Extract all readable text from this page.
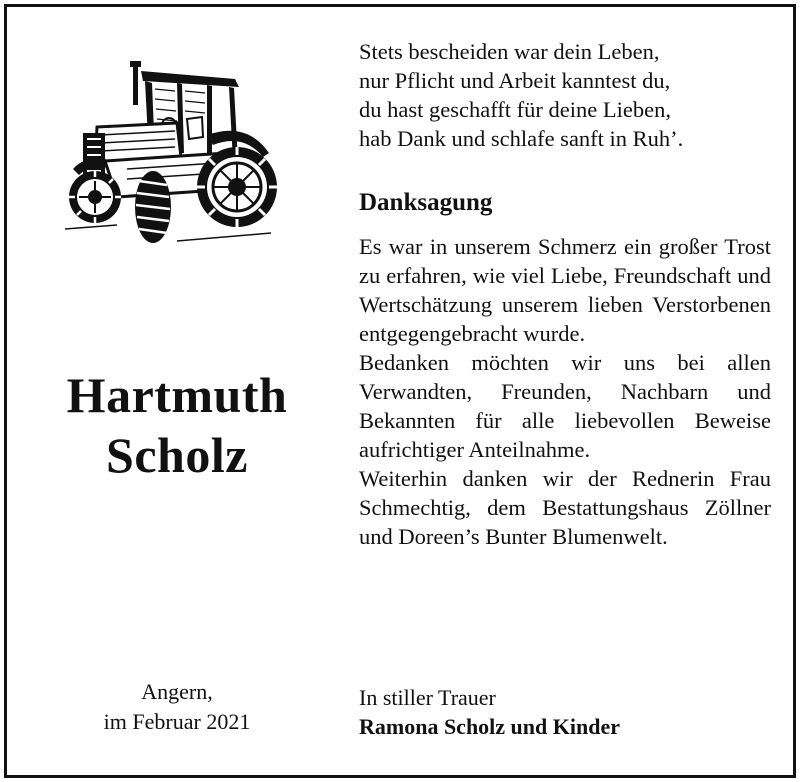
Hartmuth
Scholz
Angern,
im Februar 2021
Stets bescheiden war dein Leben,
nur Pflicht und Arbeit kanntest du,
du hast geschafft für deine Lieben,
hab Dank und schlafe sanft in Ruh’.
Danksagung
Es war in unserem Schmerz ein großer Trost zu erfahren, wie viel Liebe, Freundschaft und Wertschätzung unserem lieben Verstorbenen entgegengebracht wurde.
Bedanken möchten wir uns bei allen Verwandten, Freunden, Nachbarn und Bekannten für alle liebevollen Beweise aufrichtiger Anteilnahme.
Weiterhin danken wir der Rednerin Frau Schmechtig, dem Bestattungshaus Zöllner und Doreen’s Bunter Blumenwelt.
In stiller Trauer
Ramona Scholz und Kinder
